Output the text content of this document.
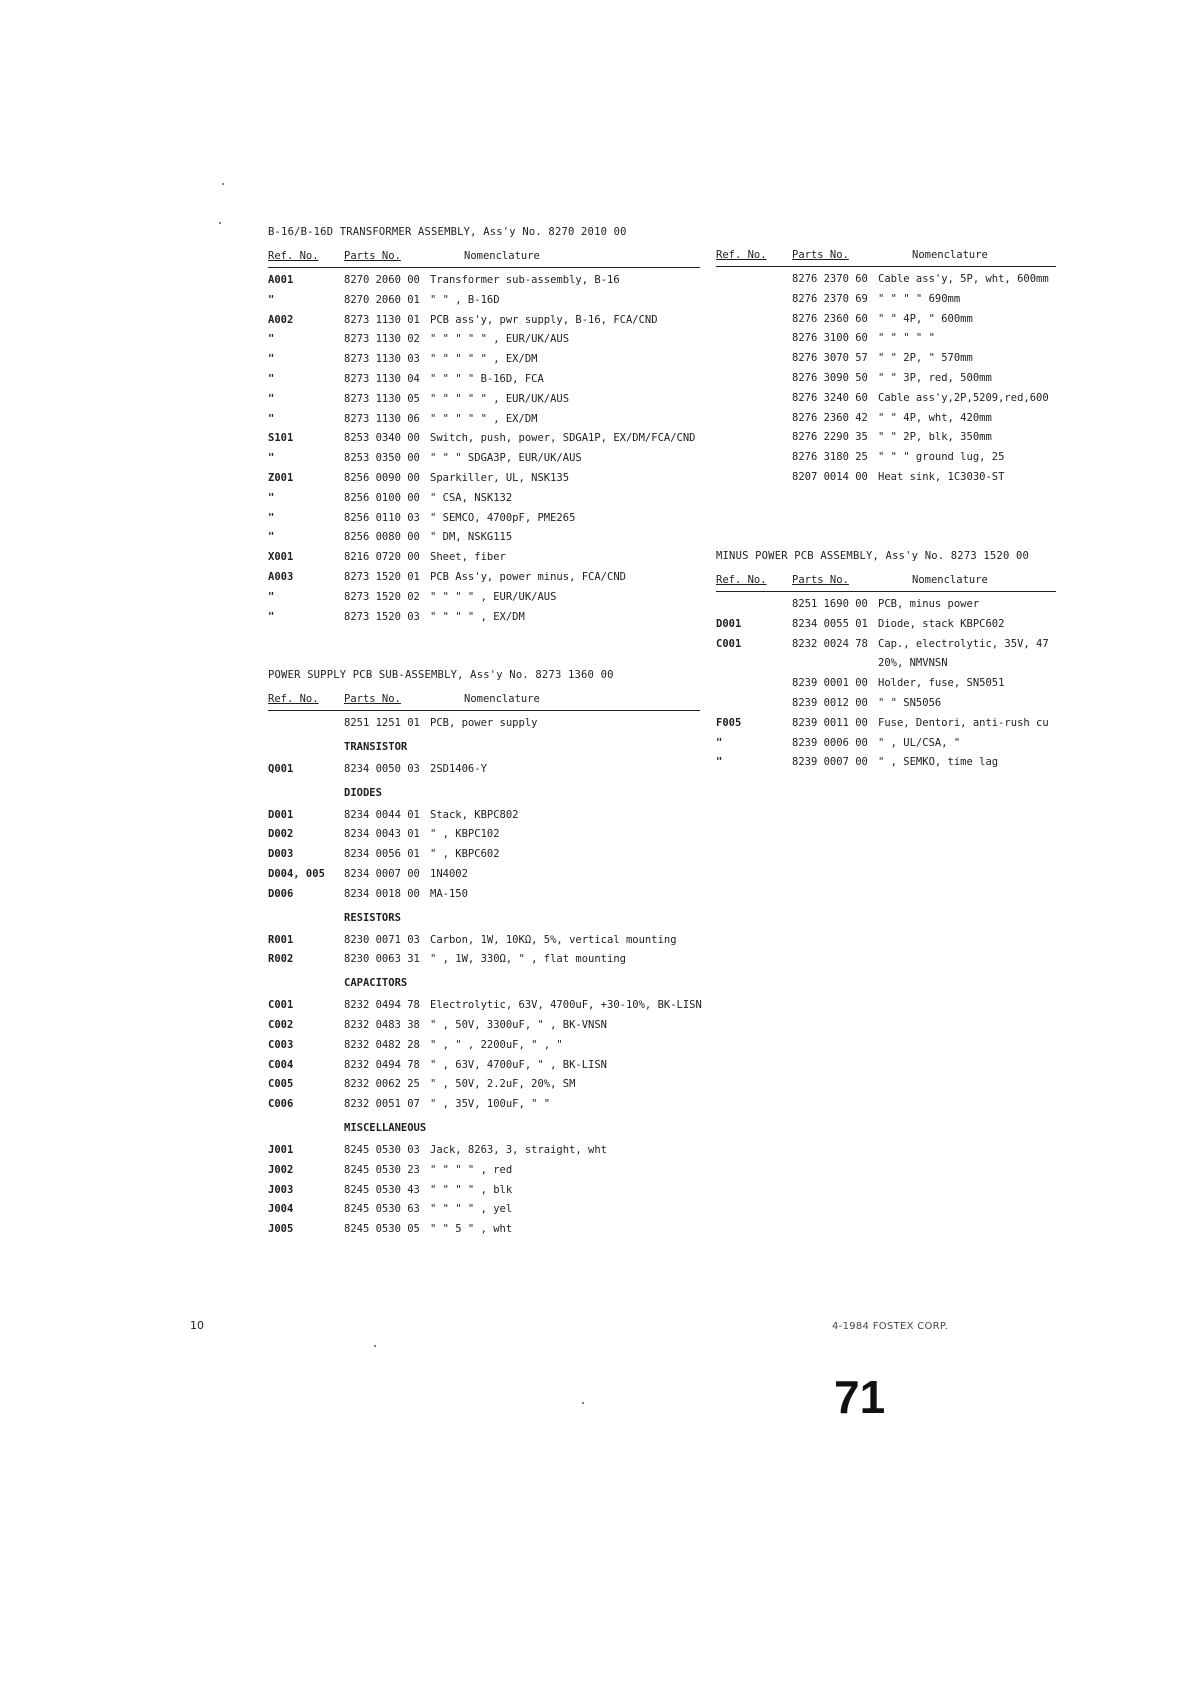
B-16/B-16D TRANSFORMER ASSEMBLY, Ass'y No. 8270 2010 00
Ref. No. Parts No.	Nomenclature
A001	8270 2060 00 Transformer sub-assembly, B-16
"	8270 2060 01 " " , B-16D
A002	8273 1130 01 PCB ass'y, pwr supply, B-16, FCA/CND
"	8273 1130 02 " " " " " , EUR/UK/AUS
"	8273 1130 03 " " " " " , EX/DM
"	8273 1130 04 " " " " B-16D, FCA
"	8273 1130 05 " " " " " , EUR/UK/AUS
"	8273 1130 06 " " " " " , EX/DM
S101	8253 0340 00 Switch, push, power, SDGA1P, EX/DM/FCA/CND
"	8253 0350 00 " " " SDGA3P, EUR/UK/AUS
Z001	8256 0090 00 Sparkiller, UL, NSK135
"	8256 0100 00 " CSA, NSK132
"	8256 0110 03 " SEMCO, 4700pF, PME265
"	8256 0080 00 " DM, NSKG115
X001	8216 0720 00 Sheet, fiber
A003	8273 1520 01 PCB Ass'y, power minus, FCA/CND
"	8273 1520 02 " " " " , EUR/UK/AUS
"	8273 1520 03 " " " " , EX/DM
POWER SUPPLY PCB SUB-ASSEMBLY, Ass'y No. 8273 1360 00
Ref. No. Parts No.	Nomenclature
8251 1251 01 PCB, power supply
TRANSISTOR
Q001	8234 0050 03 2SD1406-Y
DIODES
D001	8234 0044 01 Stack, KBPC802
D002	8234 0043 01 " , KBPC102
D003	8234 0056 01 " , KBPC602
D004, 005 8234 0007 00 1N4002
D006	8234 0018 00 MA-150
RESISTORS
R001	8230 0071 03 Carbon, 1W, 10KΩ, 5%, vertical mounting
R002	8230 0063 31 " , 1W, 330Ω, " , flat mounting
CAPACITORS
C001	8232 0494 78 Electrolytic, 63V, 4700uF, +30-10%, BK-LISN
C002	8232 0483 38 " , 50V, 3300uF, " , BK-VNSN
C003	8232 0482 28 " , " , 2200uF, " , "
C004	8232 0494 78 " , 63V, 4700uF, " , BK-LISN
C005	8232 0062 25 " , 50V, 2.2uF, 20%, SM
C006	8232 0051 07 " , 35V, 100uF, " "
MISCELLANEOUS
J001	8245 0530 03 Jack, 8263, 3, straight, wht
J002	8245 0530 23 " " " " , red
J003	8245 0530 43 " " " " , blk
J004	8245 0530 63 " " " " , yel
J005	8245 0530 05 " " 5 " , wht
Ref. No. Parts No.	Nomenclature
8276 2370 60 Cable ass'y, 5P, wht, 600mm
8276 2370 69 " " " " 690mm
8276 2360 60 " " 4P, " 600mm
8276 3100 60 " " " " "
8276 3070 57 " " 2P, " 570mm
8276 3090 50 " " 3P, red, 500mm
8276 3240 60 Cable ass'y,2P,5209,red,600
8276 2360 42 " " 4P, wht, 420mm
8276 2290 35 " " 2P, blk, 350mm
8276 3180 25 " " " ground lug, 25
8207 0014 00 Heat sink, 1C3030-ST
MINUS POWER PCB ASSEMBLY, Ass'y No. 8273 1520 00
Ref. No. Parts No.	Nomenclature
8251 1690 00 PCB, minus power
D001	8234 0055 01 Diode, stack KBPC602
C001	8232 0024 78 Cap., electrolytic, 35V, 47
20%, NMVNSN
8239 0001 00 Holder, fuse, SN5051
8239 0012 00 " " SN5056
F005	8239 0011 00 Fuse, Dentori, anti-rush cu
"	8239 0006 00 " , UL/CSA, "
"	8239 0007 00 " , SEMKO, time lag
10	4-1984 FOSTEX CORP.
71
